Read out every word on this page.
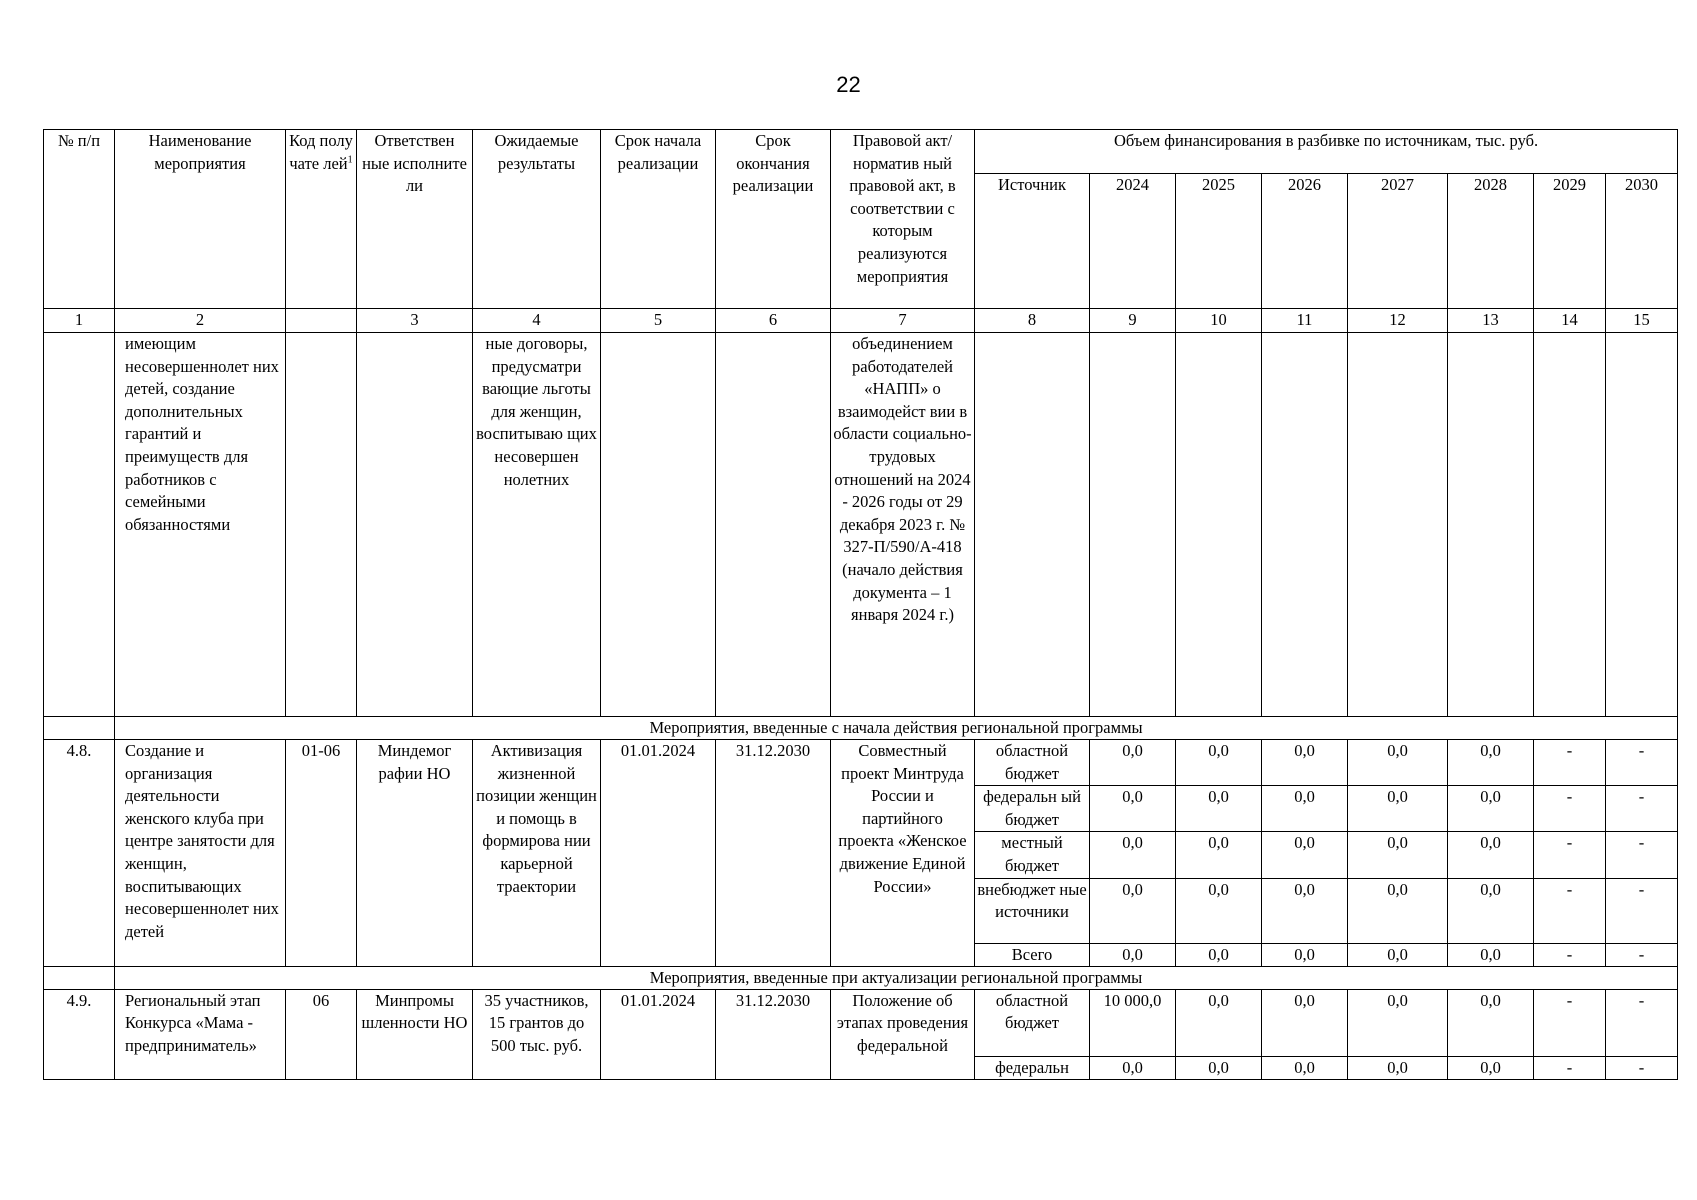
22
№ п/п	Наименование мероприятия	Код полу чате лей$^1$	Ответствен ные исполните ли	Ожидаемые результаты	Срок начала реализации	Срок окончания реализации	Правовой акт/норматив ный правовой акт, в соответствии с которым реализуются мероприятия	Объем финансирования в разбивке по источникам, тыс. руб.							
								Источник	2024	2025	2026	2027	2028	2029	2030
1	2		3	4	5	6	7	8	9	10	11	12	13	14	15
	имеющим несовершеннолет них детей, создание дополнительных гарантий и преимуществ для работников с семейными обязанностями			ные договоры, предусматри вающие льготы для женщин, воспитываю щих несовершен нолетних			объединением работодателей «НАПП» о взаимодейст вии в области социально-трудовых отношений на 2024 - 2026 годы от 29 декабря 2023 г. № 327-П/590/А-418 (начало действия документа – 1 января 2024 г.)								
	Мероприятия, введенные с начала действия региональной программы														
4.8.	Создание и организация деятельности женского клуба при центре занятости для женщин, воспитывающих несовершеннолет них детей	01-06	Миндемог рафии НО	Активизация жизненной позиции женщин и помощь в формирова нии карьерной траектории	01.01.2024	31.12.2030	Совместный проект Минтруда России и партийного проекта «Женское движение Единой России»	областной бюджет	0,0	0,0	0,0	0,0	0,0	-	-
								федеральн ый бюджет	0,0	0,0	0,0	0,0	0,0	-	-
								местный бюджет	0,0	0,0	0,0	0,0	0,0	-	-
								внебюджет ные источники	0,0	0,0	0,0	0,0	0,0	-	-
								Всего	0,0	0,0	0,0	0,0	0,0	-	-
	Мероприятия, введенные при актуализации региональной программы														
4.9.	Региональный этап Конкурса «Мама - предприниматель»	06	Минпромы шленности НО	35 участников, 15 грантов до 500 тыс. руб.	01.01.2024	31.12.2030	Положение об этапах проведения федеральной	областной бюджет	10 000,0	0,0	0,0	0,0	0,0	-	-
								федеральн	0,0	0,0	0,0	0,0	0,0	-	-
